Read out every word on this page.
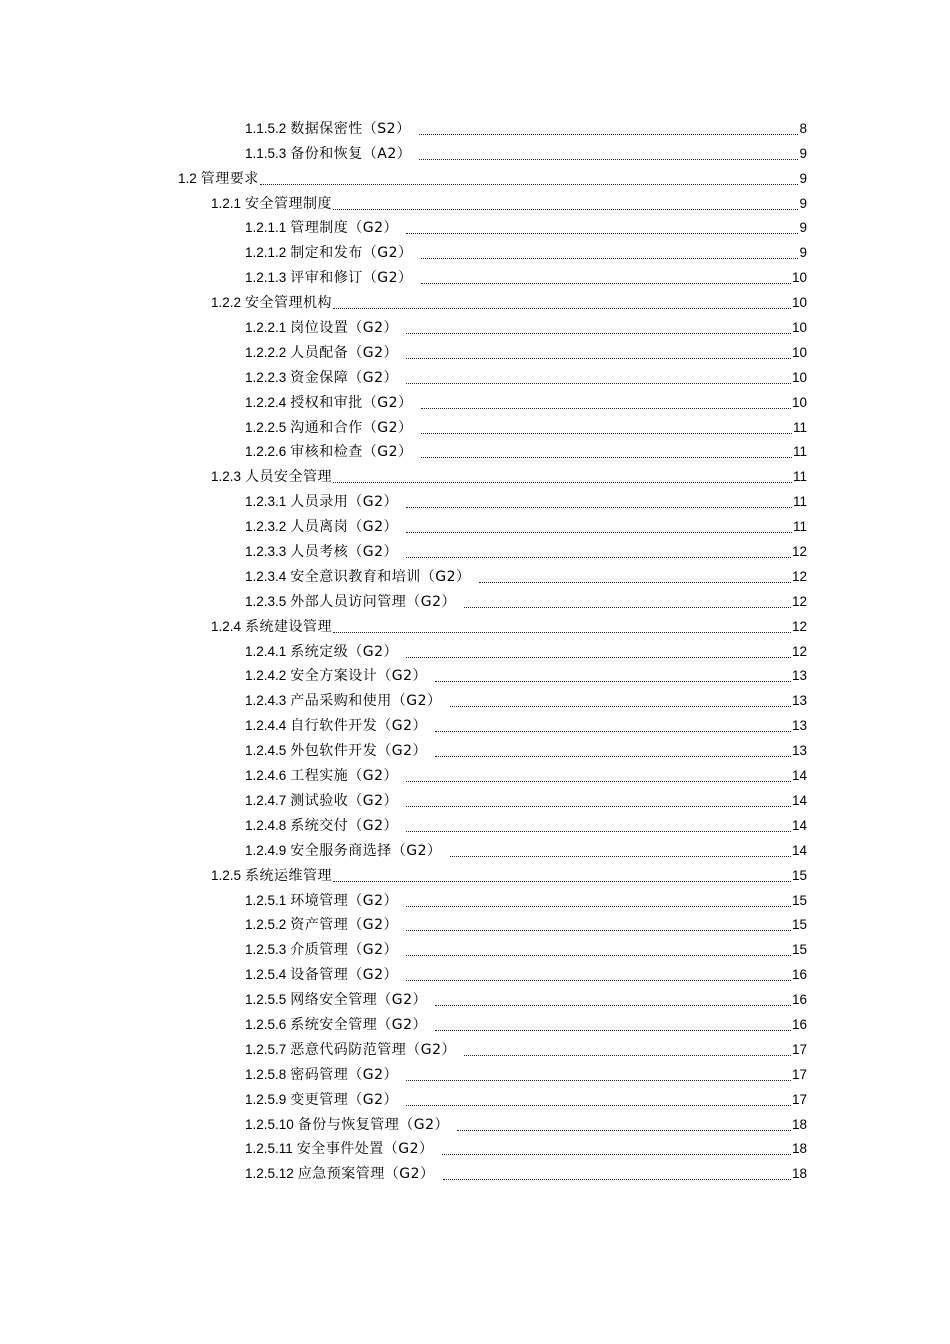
1.1.5.2 数据保密性（S2）	8
1.1.5.3 备份和恢复（A2）	9
1.2 管理要求	9
1.2.1 安全管理制度	9
1.2.1.1 管理制度（G2）	9
1.2.1.2 制定和发布（G2）	9
1.2.1.3 评审和修订（G2）	10
1.2.2 安全管理机构	10
1.2.2.1 岗位设置（G2）	10
1.2.2.2 人员配备（G2）	10
1.2.2.3 资金保障（G2）	10
1.2.2.4 授权和审批（G2）	10
1.2.2.5 沟通和合作（G2）	11
1.2.2.6 审核和检查（G2）	11
1.2.3 人员安全管理	11
1.2.3.1 人员录用（G2）	11
1.2.3.2 人员离岗（G2）	11
1.2.3.3 人员考核（G2）	12
1.2.3.4 安全意识教育和培训（G2）	12
1.2.3.5 外部人员访问管理（G2）	12
1.2.4 系统建设管理	12
1.2.4.1 系统定级（G2）	12
1.2.4.2 安全方案设计（G2）	13
1.2.4.3 产品采购和使用（G2）	13
1.2.4.4 自行软件开发（G2）	13
1.2.4.5 外包软件开发（G2）	13
1.2.4.6 工程实施（G2）	14
1.2.4.7 测试验收（G2）	14
1.2.4.8 系统交付（G2）	14
1.2.4.9 安全服务商选择（G2）	14
1.2.5 系统运维管理	15
1.2.5.1 环境管理（G2）	15
1.2.5.2 资产管理（G2）	15
1.2.5.3 介质管理（G2）	15
1.2.5.4 设备管理（G2）	16
1.2.5.5 网络安全管理（G2）	16
1.2.5.6 系统安全管理（G2）	16
1.2.5.7 恶意代码防范管理（G2）	17
1.2.5.8 密码管理（G2）	17
1.2.5.9 变更管理（G2）	17
1.2.5.10 备份与恢复管理（G2）	18
1.2.5.11 安全事件处置（G2）	18
1.2.5.12 应急预案管理（G2）	18
